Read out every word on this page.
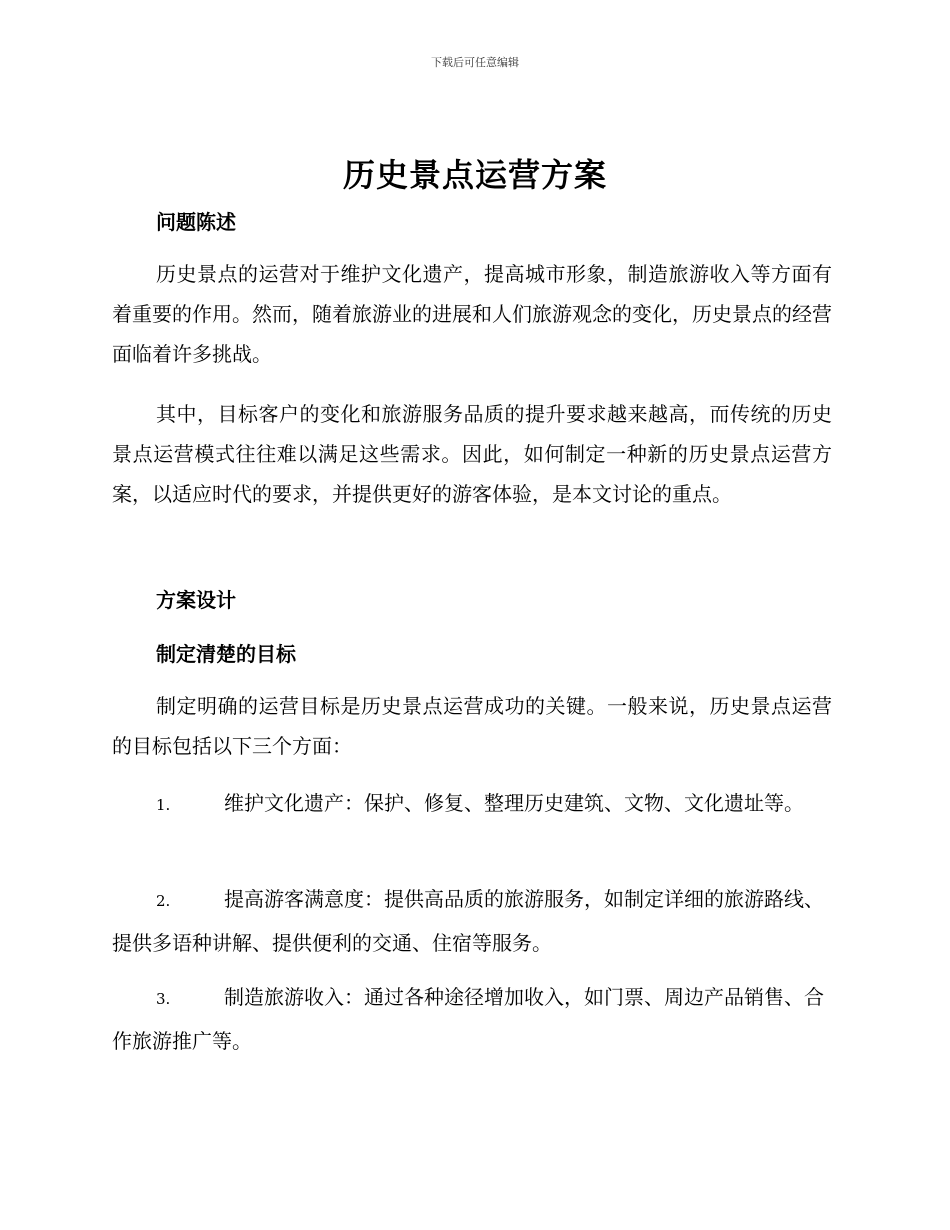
下载后可任意编辑
历史景点运营方案
问题陈述
历史景点的运营对于维护文化遗产，提高城市形象，制造旅游收入等方面有着重要的作用。然而，随着旅游业的进展和人们旅游观念的变化，历史景点的经营面临着许多挑战。
其中，目标客户的变化和旅游服务品质的提升要求越来越高，而传统的历史景点运营模式往往难以满足这些需求。因此，如何制定一种新的历史景点运营方案，以适应时代的要求，并提供更好的游客体验，是本文讨论的重点。
方案设计
制定清楚的目标
制定明确的运营目标是历史景点运营成功的关键。一般来说，历史景点运营的目标包括以下三个方面：
1.	维护文化遗产：保护、修复、整理历史建筑、文物、文化遗址等。
2.	提高游客满意度：提供高品质的旅游服务，如制定详细的旅游路线、提供多语种讲解、提供便利的交通、住宿等服务。
3.	制造旅游收入：通过各种途径增加收入，如门票、周边产品销售、合作旅游推广等。
